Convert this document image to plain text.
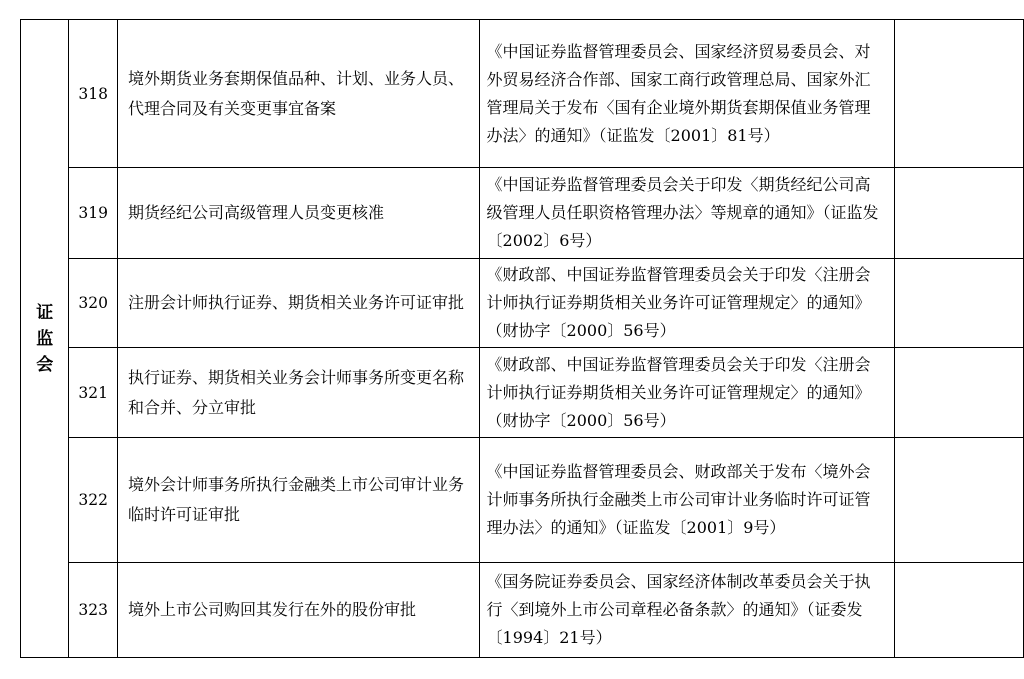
证监会	318	境外期货业务套期保值品种、计划、业务人员、代理合同及有关变更事宜备案	《中国证券监督管理委员会、国家经济贸易委员会、对外贸易经济合作部、国家工商行政管理总局、国家外汇管理局关于发布〈国有企业境外期货套期保值业务管理办法〉的通知》（证监发〔2001〕81号）	
	319	期货经纪公司高级管理人员变更核准	《中国证券监督管理委员会关于印发〈期货经纪公司高级管理人员任职资格管理办法〉等规章的通知》（证监发〔2002〕6号）	
	320	注册会计师执行证券、期货相关业务许可证审批	《财政部、中国证券监督管理委员会关于印发〈注册会计师执行证券期货相关业务许可证管理规定〉的通知》（财协字〔2000〕56号）	
	321	执行证券、期货相关业务会计师事务所变更名称和合并、分立审批	《财政部、中国证券监督管理委员会关于印发〈注册会计师执行证券期货相关业务许可证管理规定〉的通知》（财协字〔2000〕56号）	
	322	境外会计师事务所执行金融类上市公司审计业务临时许可证审批	《中国证券监督管理委员会、财政部关于发布〈境外会计师事务所执行金融类上市公司审计业务临时许可证管理办法〉的通知》（证监发〔2001〕9号）	
	323	境外上市公司购回其发行在外的股份审批	《国务院证券委员会、国家经济体制改革委员会关于执行〈到境外上市公司章程必备条款〉的通知》（证委发〔1994〕21号）	
